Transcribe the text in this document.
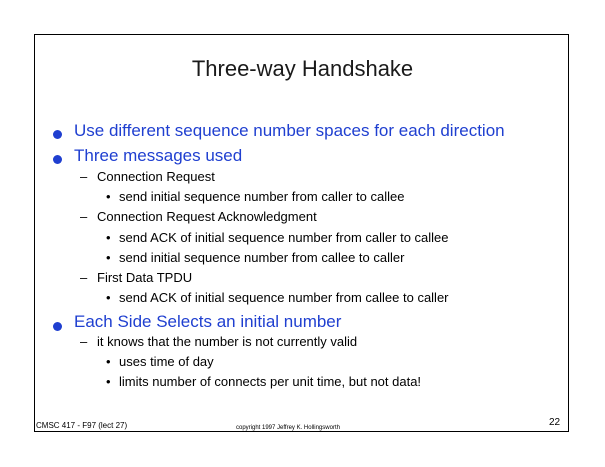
Three-way Handshake
Use different sequence number spaces for each direction
Three messages used
– Connection Request
• send initial sequence number from caller to callee
– Connection Request Acknowledgment
• send ACK of initial sequence number from caller to callee
• send initial sequence number from callee to caller
– First Data TPDU
• send ACK of initial sequence number from callee to caller
Each Side Selects an initial number
– it knows that the number is not currently valid
• uses time of day
• limits number of connects per unit time, but not data!
CMSC 417 - F97 (lect 27)	copyright 1997 Jeffrey K. Hollingsworth	22
